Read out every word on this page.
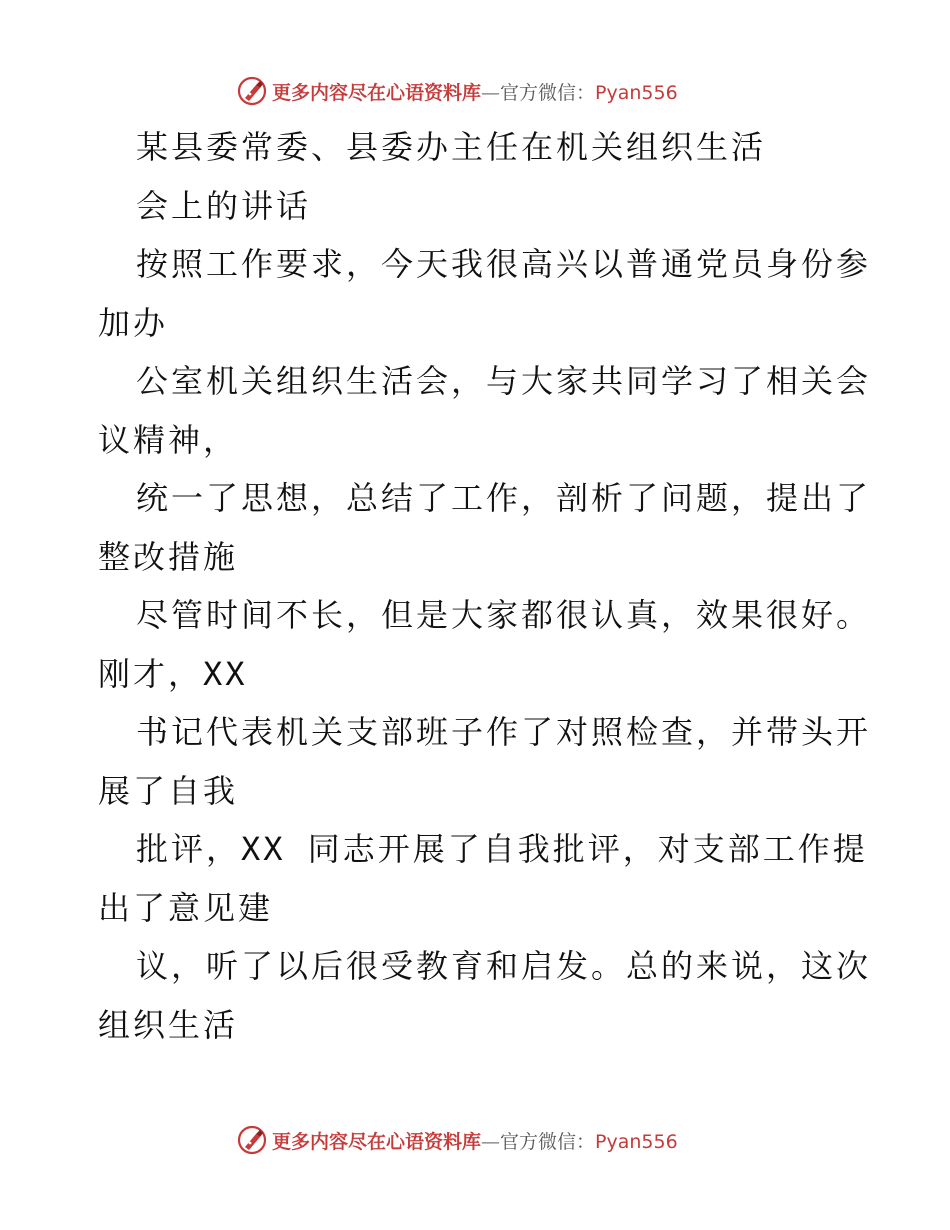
更多内容尽在心语资料库—官方微信：Pyan556
某县委常委、县委办主任在机关组织生活
会上的讲话
按照工作要求，今天我很高兴以普通党员身份参
加办
公室机关组织生活会，与大家共同学习了相关会
议精神，
统一了思想，总结了工作，剖析了问题，提出了
整改措施
尽管时间不长，但是大家都很认真，效果很好。
刚才，XX
书记代表机关支部班子作了对照检查，并带头开
展了自我
批评，XX 同志开展了自我批评，对支部工作提
出了意见建
议，听了以后很受教育和启发。总的来说，这次
组织生活
更多内容尽在心语资料库—官方微信：Pyan556
